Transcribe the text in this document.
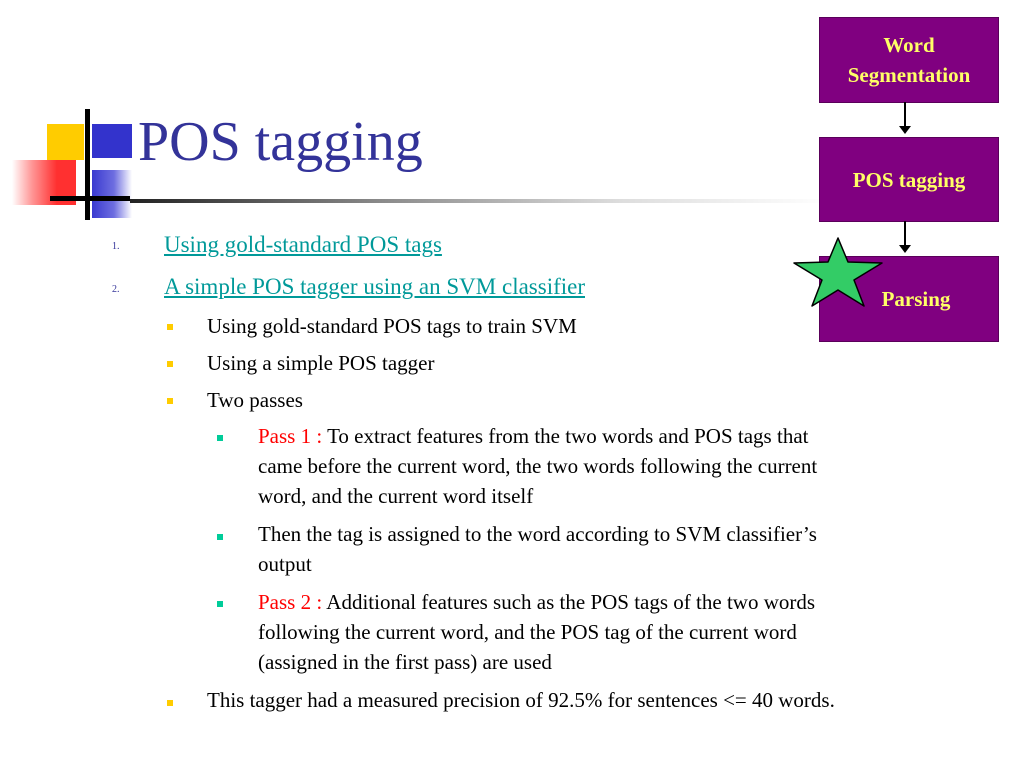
POS tagging
1. Using gold-standard POS tags
2. A simple POS tagger using an SVM classifier
Using gold-standard POS tags to train SVM
Using a simple POS tagger
Two passes
Pass 1 : To extract features from the two words and POS tags that
came before the current word, the two words following the current
word, and the current word itself
Then the tag is assigned to the word according to SVM classifier’s
output
Pass 2 : Additional features such as the POS tags of the two words
following the current word, and the POS tag of the current word
(assigned in the first pass) are used
This tagger had a measured precision of 92.5% for sentences <= 40 words.
Word
Segmentation
POS tagging
Parsing
